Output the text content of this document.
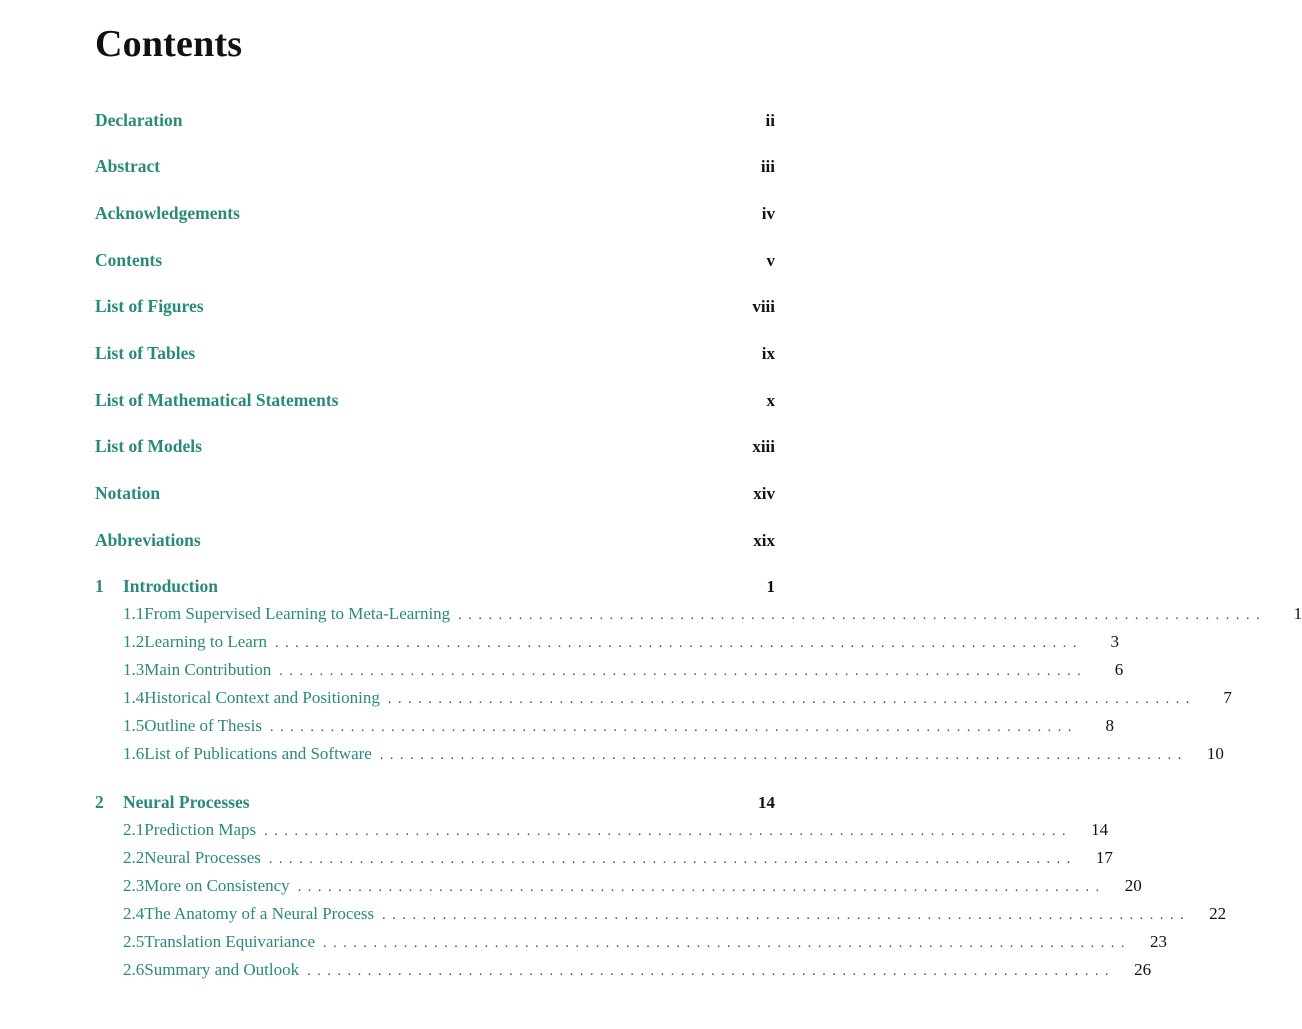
Contents
Declaration	ii
Abstract	iii
Acknowledgements	iv
Contents	v
List of Figures	viii
List of Tables	ix
List of Mathematical Statements	x
List of Models	xiii
Notation	xiv
Abbreviations	xix
1	Introduction	1
1.1 From Supervised Learning to Meta-Learning ................................................................................	1
1.2 Learning to Learn ................................................................................	3
1.3 Main Contribution ................................................................................	6
1.4 Historical Context and Positioning ................................................................................	7
1.5 Outline of Thesis ................................................................................	8
1.6 List of Publications and Software ................................................................................ 10
2	Neural Processes	14
2.1 Prediction Maps ................................................................................ 14
2.2 Neural Processes ................................................................................ 17
2.3 More on Consistency ................................................................................ 20
2.4 The Anatomy of a Neural Process ................................................................................ 22
2.5 Translation Equivariance ................................................................................ 23
2.6 Summary and Outlook ................................................................................ 26
